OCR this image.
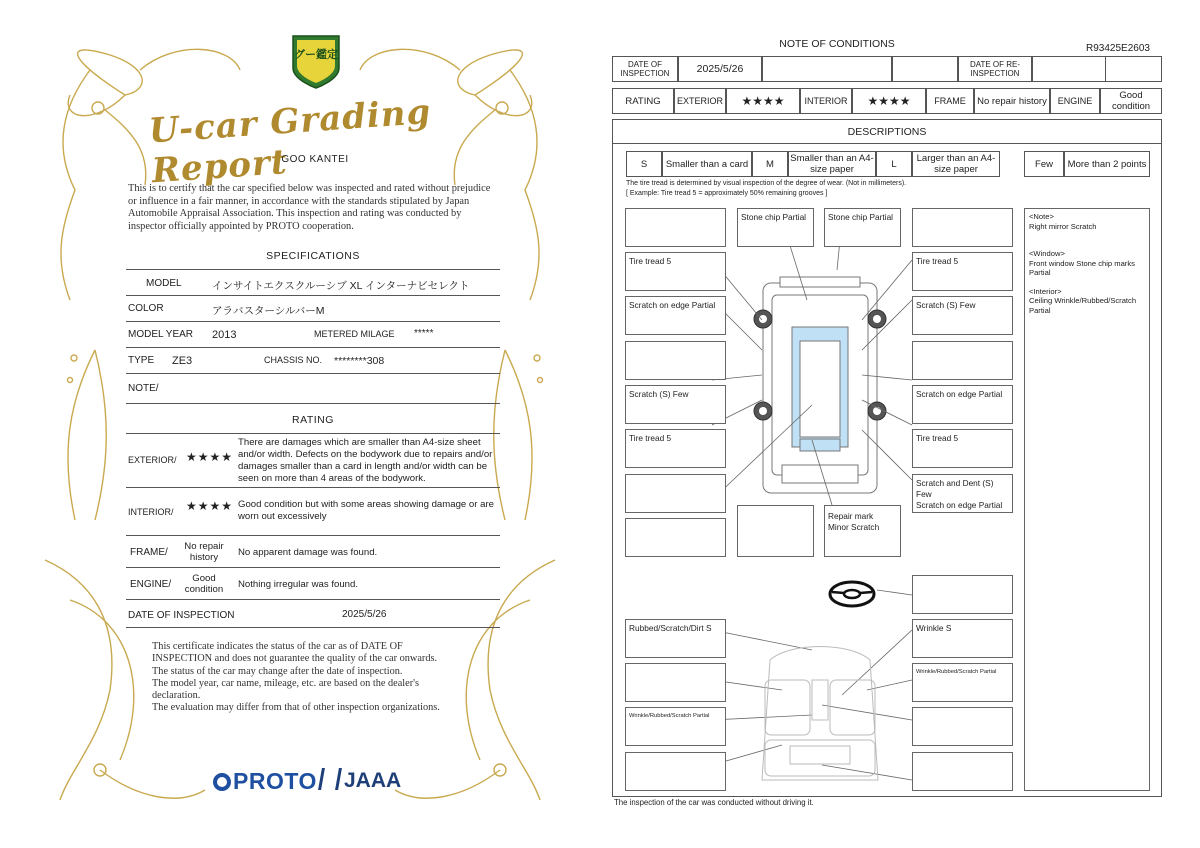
グー鑑定
U-car Grading Report
GOO KANTEI
This is to certify that the car specified below was inspected and rated without prejudice or influence in a fair manner, in accordance with the standards stipulated by Japan Automobile Appraisal Association. This inspection and rating was conducted by inspector officially appointed by PROTO cooperation.
SPECIFICATIONS
MODEL	インサイトエクスクルーシブ XL インターナビセレクト
COLOR	アラバスターシルバーM
MODEL YEAR 2013	METERED MILAGE *****
TYPE ZE3	CHASSIS NO. ********308
NOTE/
RATING
EXTERIOR/ ★★★★
There are damages which are smaller than A4-size sheet and/or width. Defects on the bodywork due to repairs and/or damages smaller than a card in length and/or width can be seen on more than 4 areas of the bodywork.
INTERIOR/ ★★★★ Good condition but with some areas showing damage or are worn out excessively
FRAME/
No repair history	No apparent damage was found.
ENGINE/
Good condition	Nothing irregular was found.
DATE OF INSPECTION	2025/5/26
This certificate indicates the status of the car as of DATE OF
INSPECTION and does not guarantee the quality of the car onwards.
The status of the car may change after the date of inspection.
The model year, car name, mileage, etc. are based on the dealer's
declaration.
The evaluation may differ from that of other inspection organizations.
PROTO	JAAA
NOTE OF CONDITIONS	R93425E2603
DATE OF INSPECTION	2025/5/26	DATE OF RE-INSPECTION
RATING	EXTERIOR	★★★★	INTERIOR	★★★★	FRAME	No repair history	ENGINE	Good condition
DESCRIPTIONS
S	Smaller than a card	M	Smaller than an A4-size paper	L	Larger than an A4-size paper	Few	More than 2 points
The tire tread is determined by visual inspection of the degree of wear. (Not in millimeters).
[ Example: Tire tread 5 = approximately 50% remaining grooves ]
Stone chip Partial	Stone chip Partial
Tire tread 5
Scratch on edge Partial
Scratch (S) Few
Tire tread 5
Repair mark
Minor Scratch
Tire tread 5
Scratch (S) Few
Scratch on edge Partial
Tire tread 5
Scratch and Dent (S) Few
Scratch on edge Partial
Rubbed/Scratch/Dirt S
Wrinkle/Rubbed/Scratch Partial
Wrinkle S
Wrinkle/Rubbed/Scratch Partial
<Note>
Right mirror Scratch
<Window>
Front window Stone chip marks Partial
<Interior>
Ceiling Wrinkle/Rubbed/Scratch Partial
The inspection of the car was conducted without driving it.
